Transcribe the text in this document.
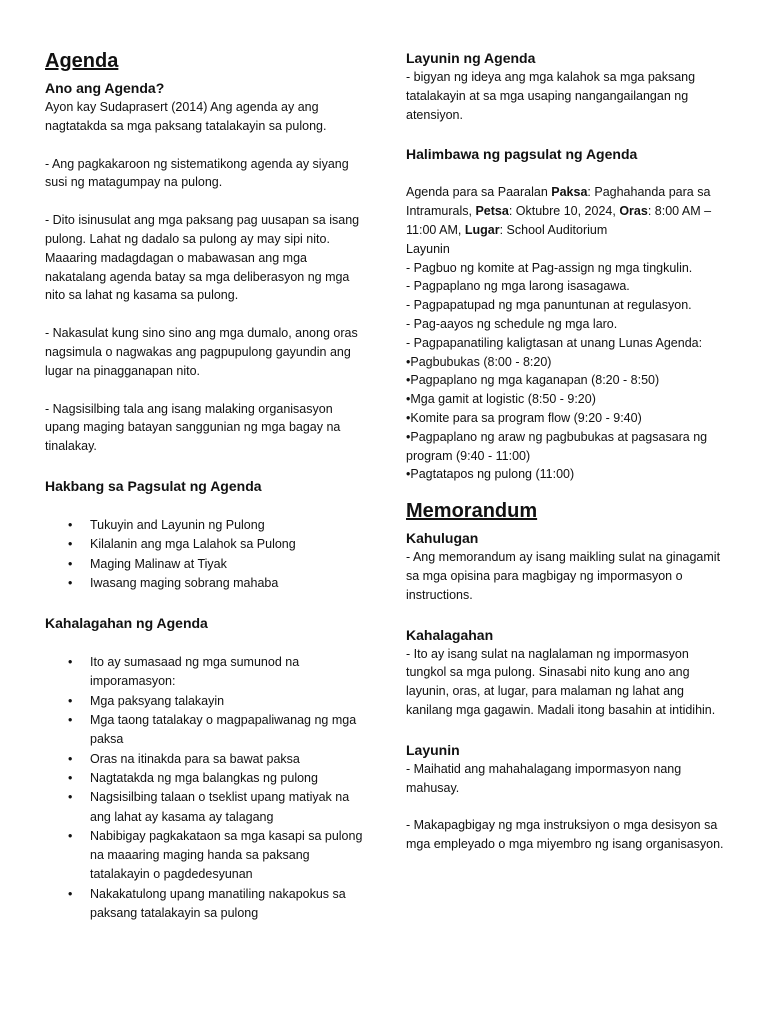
Agenda
Ano ang Agenda?

Ayon kay Sudaprasert (2014) Ang agenda ay ang nagtatakda sa mga paksang tatalakayin sa pulong.

- Ang pagkakaroon ng sistematikong agenda ay siyang susi ng matagumpay na pulong.

- Dito isinusulat ang mga paksang pag uusapan sa isang pulong. Lahat ng dadalo sa pulong ay may sipi nito. Maaaring madagdagan o mabawasan ang mga nakatalang agenda batay sa mga deliberasyon ng mga nito sa lahat ng kasama sa pulong.

- Nakasulat kung sino sino ang mga dumalo, anong oras nagsimula o nagwakas ang pagpupulong gayundin ang lugar na pinagganapan nito.

- Nagsisilbing tala ang isang malaking organisasyon upang maging batayan sanggunian ng mga bagay na tinalakay.

Hakbang sa Pagsulat ng Agenda
• Tukuyin and Layunin ng Pulong
• Kilalanin ang mga Lalahok sa Pulong
• Maging Malinaw at Tiyak
• Iwasang maging sobrang mahaba
Kahalagahan ng Agenda
• Ito ay sumasaad ng mga sumunod na imporamasyon:
• Mga paksyang talakayin
• Mga taong tatalakay o magpapaliwanag ng mga paksa
• Oras na itinakda para sa bawat paksa
• Nagtatakda ng mga balangkas ng pulong
• Nagsisilbing talaan o tseklist upang matiyak na ang lahat ay kasama ay talagang
• Nabibigay pagkakataon sa mga kasapi sa pulong na maaaring maging handa sa paksang tatalakayin o pagdedesyunan
• Nakakatulong upang manatiling nakapokus sa paksang tatalakayin sa pulong
Layunin ng Agenda

- bigyan ng ideya ang mga kalahok sa mga paksang tatalakayin at sa mga usaping nangangailangan ng atensiyon.

Halimbawa ng pagsulat ng Agenda

Agenda para sa Paaralan Paksa: Paghahanda para sa Intramurals, Petsa: Oktubre 10, 2024, Oras: 8:00 AM – 11:00 AM, Lugar: School Auditorium

Layunin

- Pagbuo ng komite at Pag-assign ng mga tingkulin.
- Pagpaplano ng mga larong isasagawa.
- Pagpapatupad ng mga panuntunan at regulasyon.
- Pag-aayos ng schedule ng mga laro.
- Pagpapanatiling kaligtasan at unang Lunas Agenda:
•Pagbubukas (8:00 - 8:20)
•Pagpaplano ng mga kaganapan (8:20 - 8:50)
•Mga gamit at logistic (8:50 - 9:20)
•Komite para sa program flow (9:20 - 9:40)
•Pagpaplano ng araw ng pagbubukas at pagsasara ng program (9:40 - 11:00)
•Pagtatapos ng pulong (11:00)
Memorandum
Kahulugan

- Ang memorandum ay isang maikling sulat na ginagamit sa mga opisina para magbigay ng impormasyon o instructions.

Kahalagahan

- Ito ay isang sulat na naglalaman ng impormasyon tungkol sa mga pulong. Sinasabi nito kung ano ang layunin, oras, at lugar, para malaman ng lahat ang kanilang mga gagawin. Madali itong basahin at intidihin.

Layunin

- Maihatid ang mahahalagang impormasyon nang mahusay.

- Makapagbigay ng mga instruksiyon o mga desisyon sa mga empleyado o mga miyembro ng isang organisasyon.
